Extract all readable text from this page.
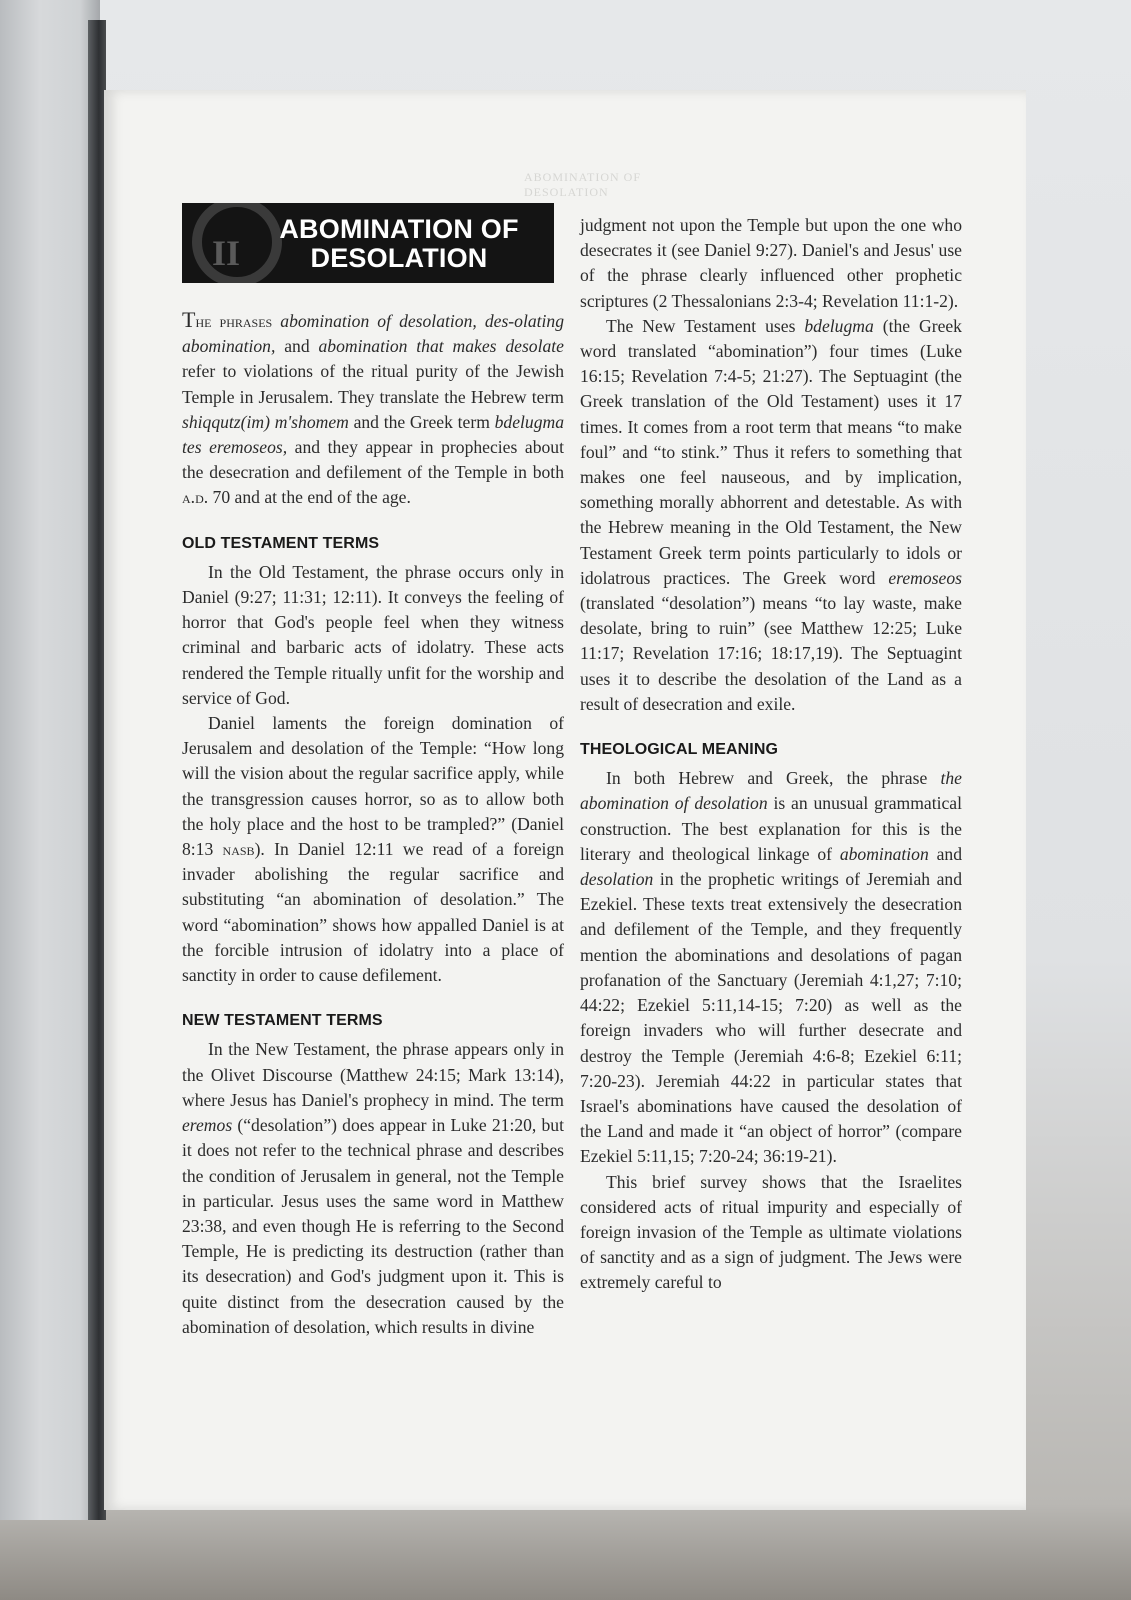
ABOMINATION OF DESOLATION
II
ABOMINATION OF
DESOLATION

The phrases abomination of desolation, des-olating abomination, and abomination that makes desolate refer to violations of the ritual purity of the Jewish Temple in Jerusalem. They translate the Hebrew term shiqqutz(im) m'shomem and the Greek term bdelugma tes eremoseos, and they appear in prophecies about the desecration and defilement of the Temple in both a.d. 70 and at the end of the age.

OLD TESTAMENT TERMS

In the Old Testament, the phrase occurs only in Daniel (9:27; 11:31; 12:11). It conveys the feeling of horror that God's people feel when they witness criminal and barbaric acts of idolatry. These acts rendered the Temple ritually unfit for the worship and service of God.

Daniel laments the foreign domination of Jerusalem and desolation of the Temple: “How long will the vision about the regular sacrifice apply, while the transgression causes horror, so as to allow both the holy place and the host to be trampled?” (Daniel 8:13 nasb). In Daniel 12:11 we read of a foreign invader abolishing the regular sacrifice and substituting “an abomination of desolation.” The word “abomination” shows how appalled Daniel is at the forcible intrusion of idolatry into a place of sanctity in order to cause defilement.

NEW TESTAMENT TERMS

In the New Testament, the phrase appears only in the Olivet Discourse (Matthew 24:15; Mark 13:14), where Jesus has Daniel's prophecy in mind. The term eremos (“desolation”) does appear in Luke 21:20, but it does not refer to the technical phrase and describes the condition of Jerusalem in general, not the Temple in particular. Jesus uses the same word in Matthew 23:38, and even though He is referring to the Second Temple, He is predicting its destruction (rather than its desecration) and God's judgment upon it. This is quite distinct from the desecration caused by the abomination of desolation, which results in divine

judgment not upon the Temple but upon the one who desecrates it (see Daniel 9:27). Daniel's and Jesus' use of the phrase clearly influenced other prophetic scriptures (2 Thessalonians 2:3-4; Revelation 11:1-2).

The New Testament uses bdelugma (the Greek word translated “abomination”) four times (Luke 16:15; Revelation 7:4-5; 21:27). The Septuagint (the Greek translation of the Old Testament) uses it 17 times. It comes from a root term that means “to make foul” and “to stink.” Thus it refers to something that makes one feel nauseous, and by implication, something morally abhorrent and detestable. As with the Hebrew meaning in the Old Testament, the New Testament Greek term points particularly to idols or idolatrous practices. The Greek word eremoseos (translated “desolation”) means “to lay waste, make desolate, bring to ruin” (see Matthew 12:25; Luke 11:17; Revelation 17:16; 18:17,19). The Septuagint uses it to describe the desolation of the Land as a result of desecration and exile.

THEOLOGICAL MEANING

In both Hebrew and Greek, the phrase the abomination of desolation is an unusual grammatical construction. The best explanation for this is the literary and theological linkage of abomination and desolation in the prophetic writings of Jeremiah and Ezekiel. These texts treat extensively the desecration and defilement of the Temple, and they frequently mention the abominations and desolations of pagan profanation of the Sanctuary (Jeremiah 4:1,27; 7:10; 44:22; Ezekiel 5:11,14-15; 7:20) as well as the foreign invaders who will further desecrate and destroy the Temple (Jeremiah 4:6-8; Ezekiel 6:11; 7:20-23). Jeremiah 44:22 in particular states that Israel's abominations have caused the desolation of the Land and made it “an object of horror” (compare Ezekiel 5:11,15; 7:20-24; 36:19-21).

This brief survey shows that the Israelites considered acts of ritual impurity and especially of foreign invasion of the Temple as ultimate violations of sanctity and as a sign of judgment. The Jews were extremely careful to
